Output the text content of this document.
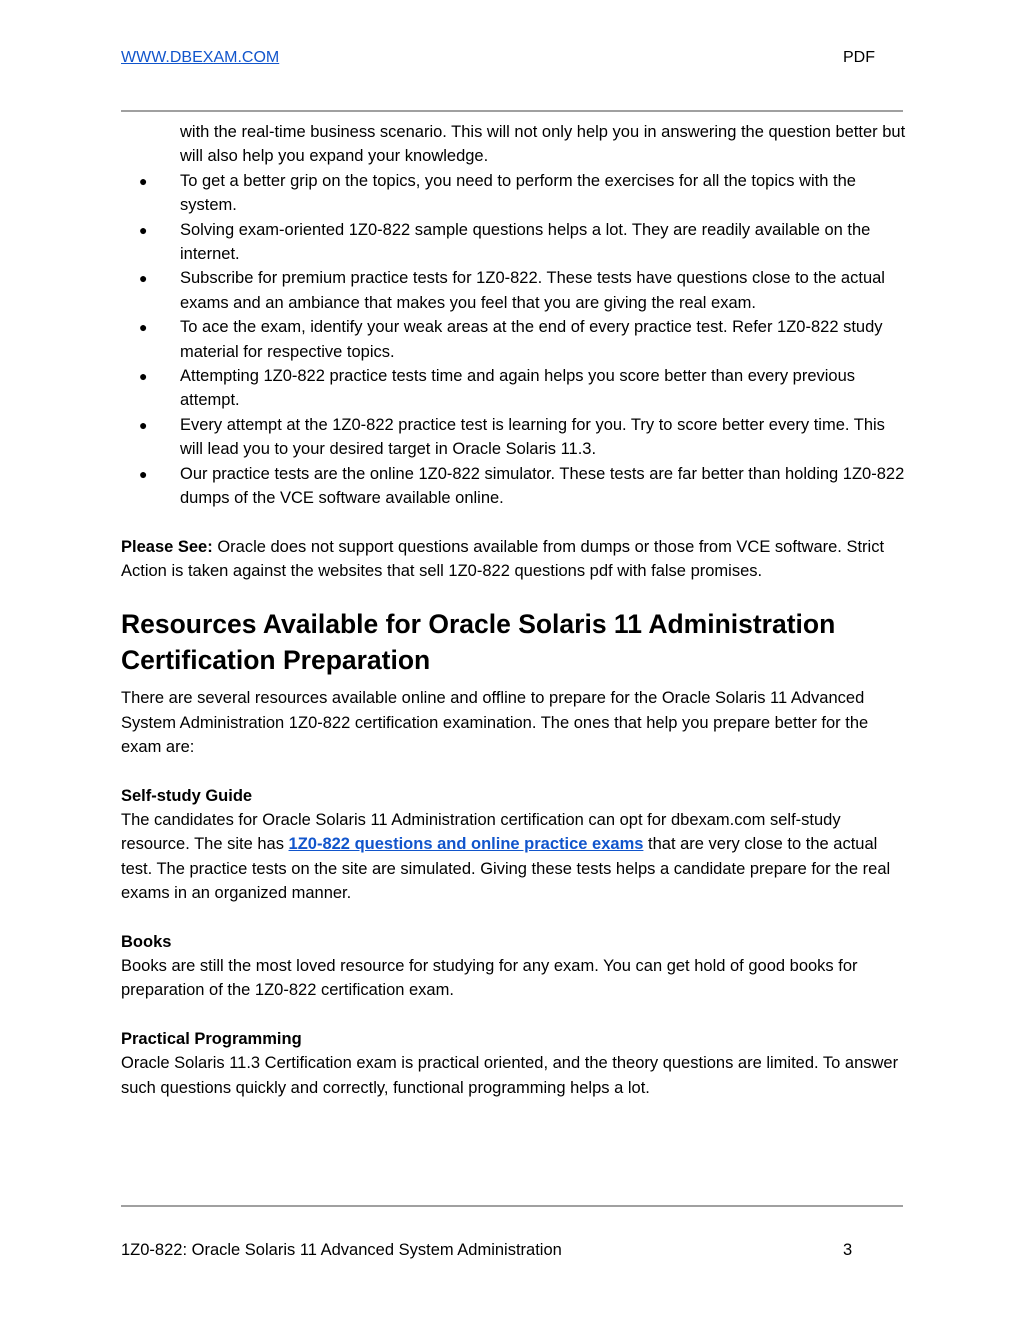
WWW.DBEXAM.COM	PDF

with the real-time business scenario. This will not only help you in answering the question better but will also help you expand your knowledge.

● To get a better grip on the topics, you need to perform the exercises for all the topics with the system.
● Solving exam-oriented 1Z0-822 sample questions helps a lot. They are readily available on the internet.
● Subscribe for premium practice tests for 1Z0-822. These tests have questions close to the actual exams and an ambiance that makes you feel that you are giving the real exam.
● To ace the exam, identify your weak areas at the end of every practice test. Refer 1Z0-822 study material for respective topics.
● Attempting 1Z0-822 practice tests time and again helps you score better than every previous attempt.
● Every attempt at the 1Z0-822 practice test is learning for you. Try to score better every time. This will lead you to your desired target in Oracle Solaris 11.3.
● Our practice tests are the online 1Z0-822 simulator. These tests are far better than holding 1Z0-822 dumps of the VCE software available online.

Please See: Oracle does not support questions available from dumps or those from VCE software. Strict Action is taken against the websites that sell 1Z0-822 questions pdf with false promises.

Resources Available for Oracle Solaris 11 Administration Certification Preparation

There are several resources available online and offline to prepare for the Oracle Solaris 11 Advanced System Administration 1Z0-822 certification examination. The ones that help you prepare better for the exam are:

Self-study Guide

The candidates for Oracle Solaris 11 Administration certification can opt for dbexam.com self-study resource. The site has 1Z0-822 questions and online practice exams that are very close to the actual test. The practice tests on the site are simulated. Giving these tests helps a candidate prepare for the real exams in an organized manner.

Books

Books are still the most loved resource for studying for any exam. You can get hold of good books for preparation of the 1Z0-822 certification exam.

Practical Programming

Oracle Solaris 11.3 Certification exam is practical oriented, and the theory questions are limited. To answer such questions quickly and correctly, functional programming helps a lot.

1Z0-822: Oracle Solaris 11 Advanced System Administration	3
